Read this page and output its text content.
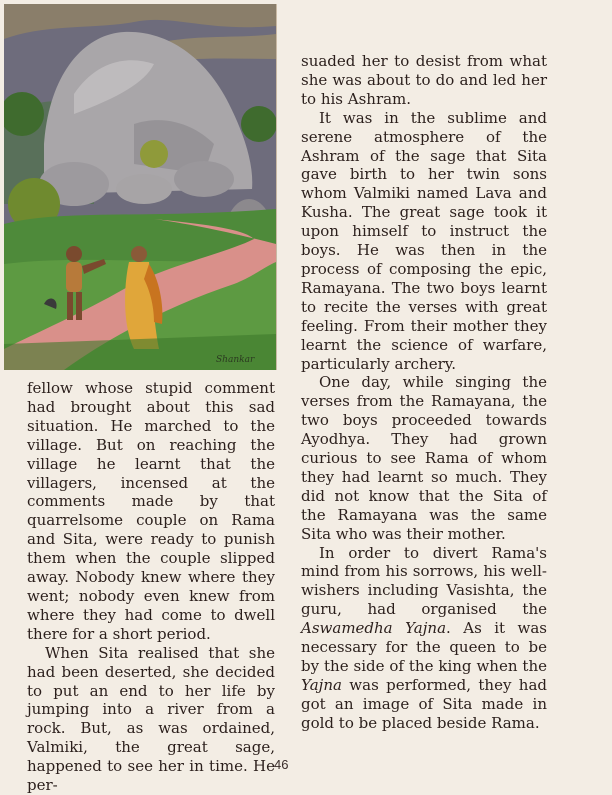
Shankar

suaded her to desist from what she was about to do and led her to his Ashram.

It was in the sublime and serene atmosphere of the Ashram of the sage that Sita gave birth to her twin sons whom Valmiki named Lava and Kusha. The great sage took it upon himself to instruct the boys. He was then in the process of composing the epic, Ramayana. The two boys learnt to recite the verses with great feeling. From their mother they learnt the science of warfare, particularly archery.

One day, while singing the verses from the Ramayana, the two boys proceeded towards Ayodhya. They had grown curious to see Rama of whom they had learnt so much. They did not know that the Sita of the Ramayana was the same Sita who was their mother.

In order to divert Rama's mind from his sorrows, his well-wishers including Vasishta, the guru, had organised the Aswamedha Yajna. As it was necessary for the queen to be by the side of the king when the Yajna was performed, they had got an image of Sita made in gold to be placed beside Rama.

fellow whose stupid comment had brought about this sad situation. He marched to the village. But on reaching the village he learnt that the villagers, incensed at the comments made by that quarrelsome couple on Rama and Sita, were ready to punish them when the couple slipped away. Nobody knew where they went; nobody even knew from where they had come to dwell there for a short period.

When Sita realised that she had been deserted, she decided to put an end to her life by jumping into a river from a rock. But, as was ordained, Valmiki, the great sage, happened to see her in time. He per-

46
